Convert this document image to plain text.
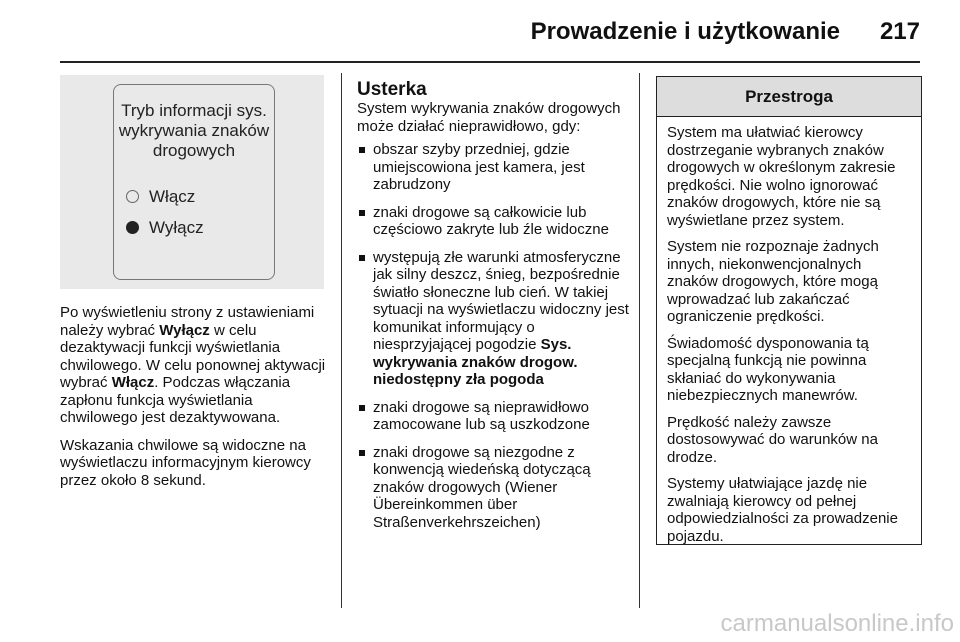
Prowadzenie i użytkowanie 217
Tryb informacji sys. wykrywania znaków drogowych
Włącz
Wyłącz

Po wyświetleniu strony z ustawieniami należy wybrać Wyłącz w celu dezaktywacji funkcji wyświetlania chwilowego. W celu ponownej aktywacji wybrać Włącz. Podczas włączania zapłonu funkcja wyświetlania chwilowego jest dezaktywowana.

Wskazania chwilowe są widoczne na wyświetlaczu informacyjnym kierowcy przez około 8 sekund.

Usterka

System wykrywania znaków drogowych może działać nieprawidłowo, gdy:

obszar szyby przedniej, gdzie umiejscowiona jest kamera, jest zabrudzony
znaki drogowe są całkowicie lub częściowo zakryte lub źle widoczne
występują złe warunki atmosferyczne jak silny deszcz, śnieg, bezpośrednie światło słoneczne lub cień. W takiej sytuacji na wyświetlaczu widoczny jest komunikat informujący o niesprzyjającej pogodzie Sys. wykrywania znaków drogow. niedostępny zła pogoda
znaki drogowe są nieprawidłowo zamocowane lub są uszkodzone
znaki drogowe są niezgodne z konwencją wiedeńską dotyczącą znaków drogowych (Wiener Übereinkommen über Straßenverkehrszeichen)
Przestroga

System ma ułatwiać kierowcy dostrzeganie wybranych znaków drogowych w określonym zakresie prędkości. Nie wolno ignorować znaków drogowych, które nie są wyświetlane przez system.

System nie rozpoznaje żadnych innych, niekonwencjonalnych znaków drogowych, które mogą wprowadzać lub zakańczać ograniczenie prędkości.

Świadomość dysponowania tą specjalną funkcją nie powinna skłaniać do wykonywania niebezpiecznych manewrów.

Prędkość należy zawsze dostosowywać do warunków na drodze.

Systemy ułatwiające jazdę nie zwalniają kierowcy od pełnej odpowiedzialności za prowadzenie pojazdu.

carmanualsonline.info
